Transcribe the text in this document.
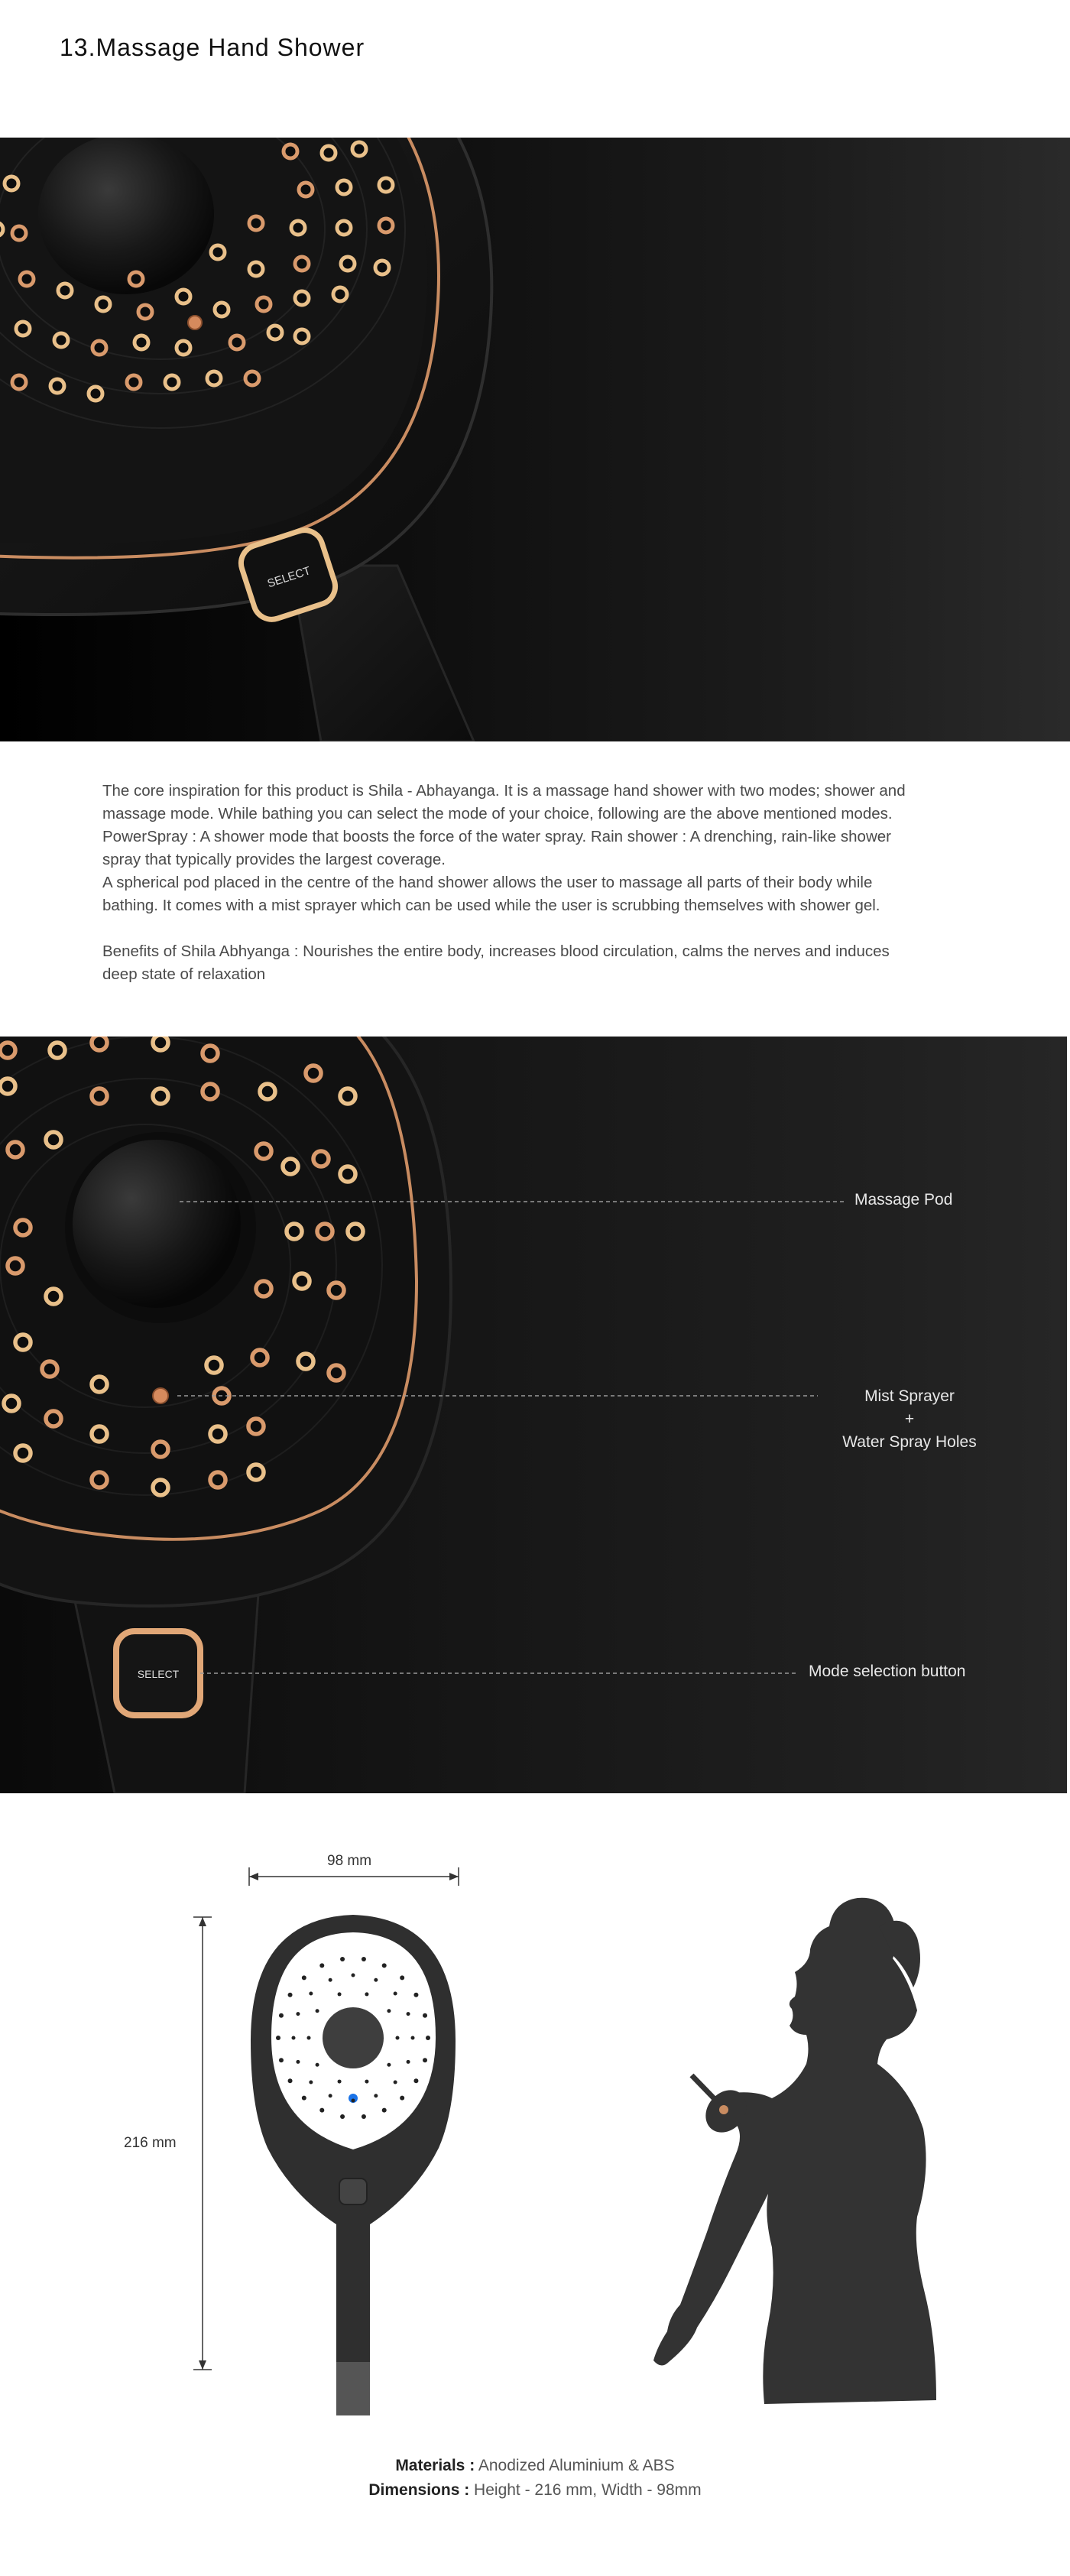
13.Massage Hand Shower
SELECT

The core inspiration for this product is Shila - Abhayanga. It is a massage hand shower with two modes; shower and

massage mode. While bathing you can select the mode of your choice, following are the above mentioned modes.

PowerSpray : A shower mode that boosts the force of the water spray. Rain shower : A drenching, rain-like shower

spray that typically provides the largest coverage.

A spherical pod placed in the centre of the hand shower allows the user to massage all parts of their body while

bathing. It comes with a mist sprayer which can be used while the user is scrubbing themselves with shower gel.

Benefits of Shila Abhyanga : Nourishes the entire body, increases blood circulation, calms the nerves and induces

deep state of relaxation

SELECT
Massage Pod
Mist Sprayer
+
Water Spray Holes
Mode selection button
98 mm
216 mm
Materials : Anodized Aluminium & ABS
Dimensions : Height - 216 mm, Width - 98mm
